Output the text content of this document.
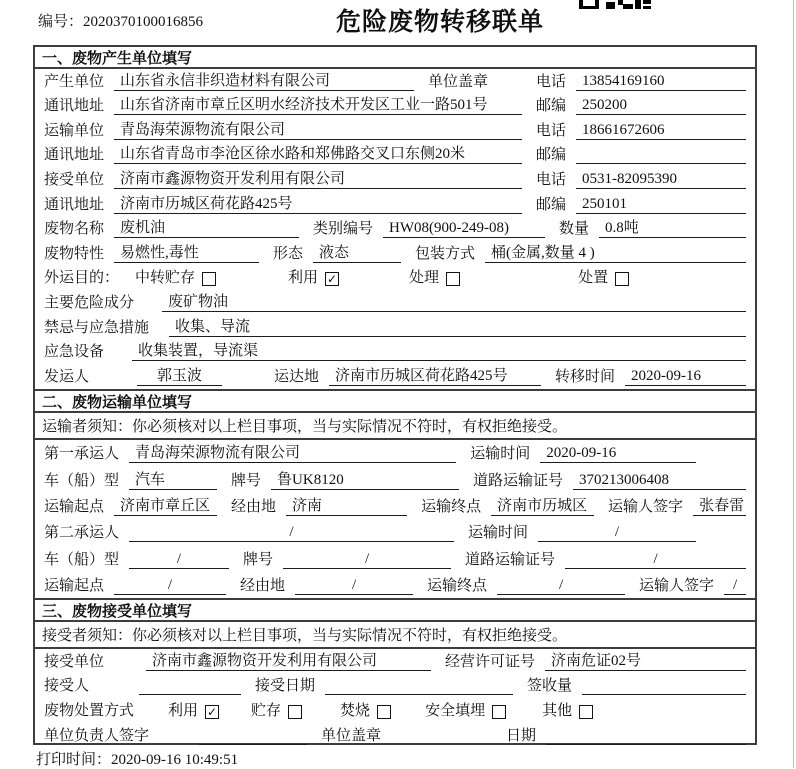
编号：2020370100016856	危险废物转移联单
一、废物产生单位填写
产生单位	山东省永信非织造材料有限公司	单位盖章	电话	13854169160
通讯地址	山东省济南市章丘区明水经济技术开发区工业一路501号	邮编	250200
运输单位	青岛海荣源物流有限公司	电话	18661672606
通讯地址	山东省青岛市李沧区徐水路和郑佛路交叉口东侧20米	邮编
接受单位	济南市鑫源物资开发利用有限公司	电话	0531-82095390
通讯地址	济南市历城区荷花路425号	邮编	250101
废物名称	废机油	类别编号	HW08(900-249-08)	数量	0.8吨
废物特性	易燃性,毒性	形态	液态	包装方式	桶(金属,数量 4 )
外运目的： 中转贮存	利用 ✓	处理	处置
主要危险成分	废矿物油
禁忌与应急措施	收集、导流
应急设备	收集装置，导流渠
发运人	郭玉波	运达地	济南市历城区荷花路425号	转移时间	2020-09-16
二、废物运输单位填写
运输者须知：你必须核对以上栏目事项，当与实际情况不符时，有权拒绝接受。
第一承运人	青岛海荣源物流有限公司	运输时间	2020-09-16
车（船）型	汽车	牌号	鲁UK8120	道路运输证号	370213006408
运输起点	济南市章丘区	经由地	济南	运输终点	济南市历城区	运输人签字	张春雷
第二承运人	/	运输时间	/
车（船）型	/	牌号	/	道路运输证号	/
运输起点	/	经由地	/	运输终点	/	运输人签字	/
三、废物接受单位填写
接受者须知：你必须核对以上栏目事项，当与实际情况不符时，有权拒绝接受。
接受单位	济南市鑫源物资开发利用有限公司	经营许可证号	济南危证02号
接受人	接受日期	签收量
废物处置方式 利用 ✓ 贮存	焚烧	安全填埋	其他
单位负责人签字	单位盖章	日期
打印时间：2020-09-16 10:49:51
